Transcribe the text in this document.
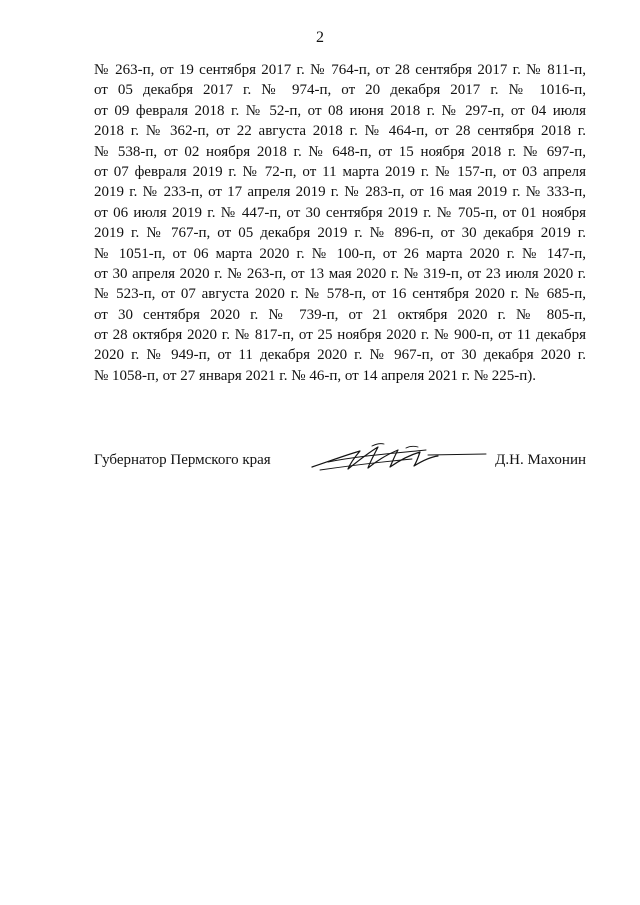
2
№ 263-п, от 19 сентября 2017 г. № 764-п, от 28 сентября 2017 г. № 811-п,
от 05 декабря 2017 г. № 974-п, от 20 декабря 2017 г. № 1016-п,
от 09 февраля 2018 г. № 52-п, от 08 июня 2018 г. № 297-п, от 04 июля
2018 г. № 362-п, от 22 августа 2018 г. № 464-п, от 28 сентября 2018 г.
№ 538-п, от 02 ноября 2018 г. № 648-п, от 15 ноября 2018 г. № 697-п,
от 07 февраля 2019 г. № 72-п, от 11 марта 2019 г. № 157-п, от 03 апреля
2019 г. № 233-п, от 17 апреля 2019 г. № 283-п, от 16 мая 2019 г. № 333-п,
от 06 июля 2019 г. № 447-п, от 30 сентября 2019 г. № 705-п, от 01 ноября
2019 г. № 767-п, от 05 декабря 2019 г. № 896-п, от 30 декабря 2019 г.
№ 1051-п, от 06 марта 2020 г. № 100-п, от 26 марта 2020 г. № 147-п,
от 30 апреля 2020 г. № 263-п, от 13 мая 2020 г. № 319-п, от 23 июля 2020 г.
№ 523-п, от 07 августа 2020 г. № 578-п, от 16 сентября 2020 г. № 685-п,
от 30 сентября 2020 г. № 739-п, от 21 октября 2020 г. № 805-п,
от 28 октября 2020 г. № 817-п, от 25 ноября 2020 г. № 900-п, от 11 декабря
2020 г. № 949-п, от 11 декабря 2020 г. № 967-п, от 30 декабря 2020 г.
№ 1058-п, от 27 января 2021 г. № 46-п, от 14 апреля 2021 г. № 225-п).
Губернатор Пермского края	Д.Н. Махонин
